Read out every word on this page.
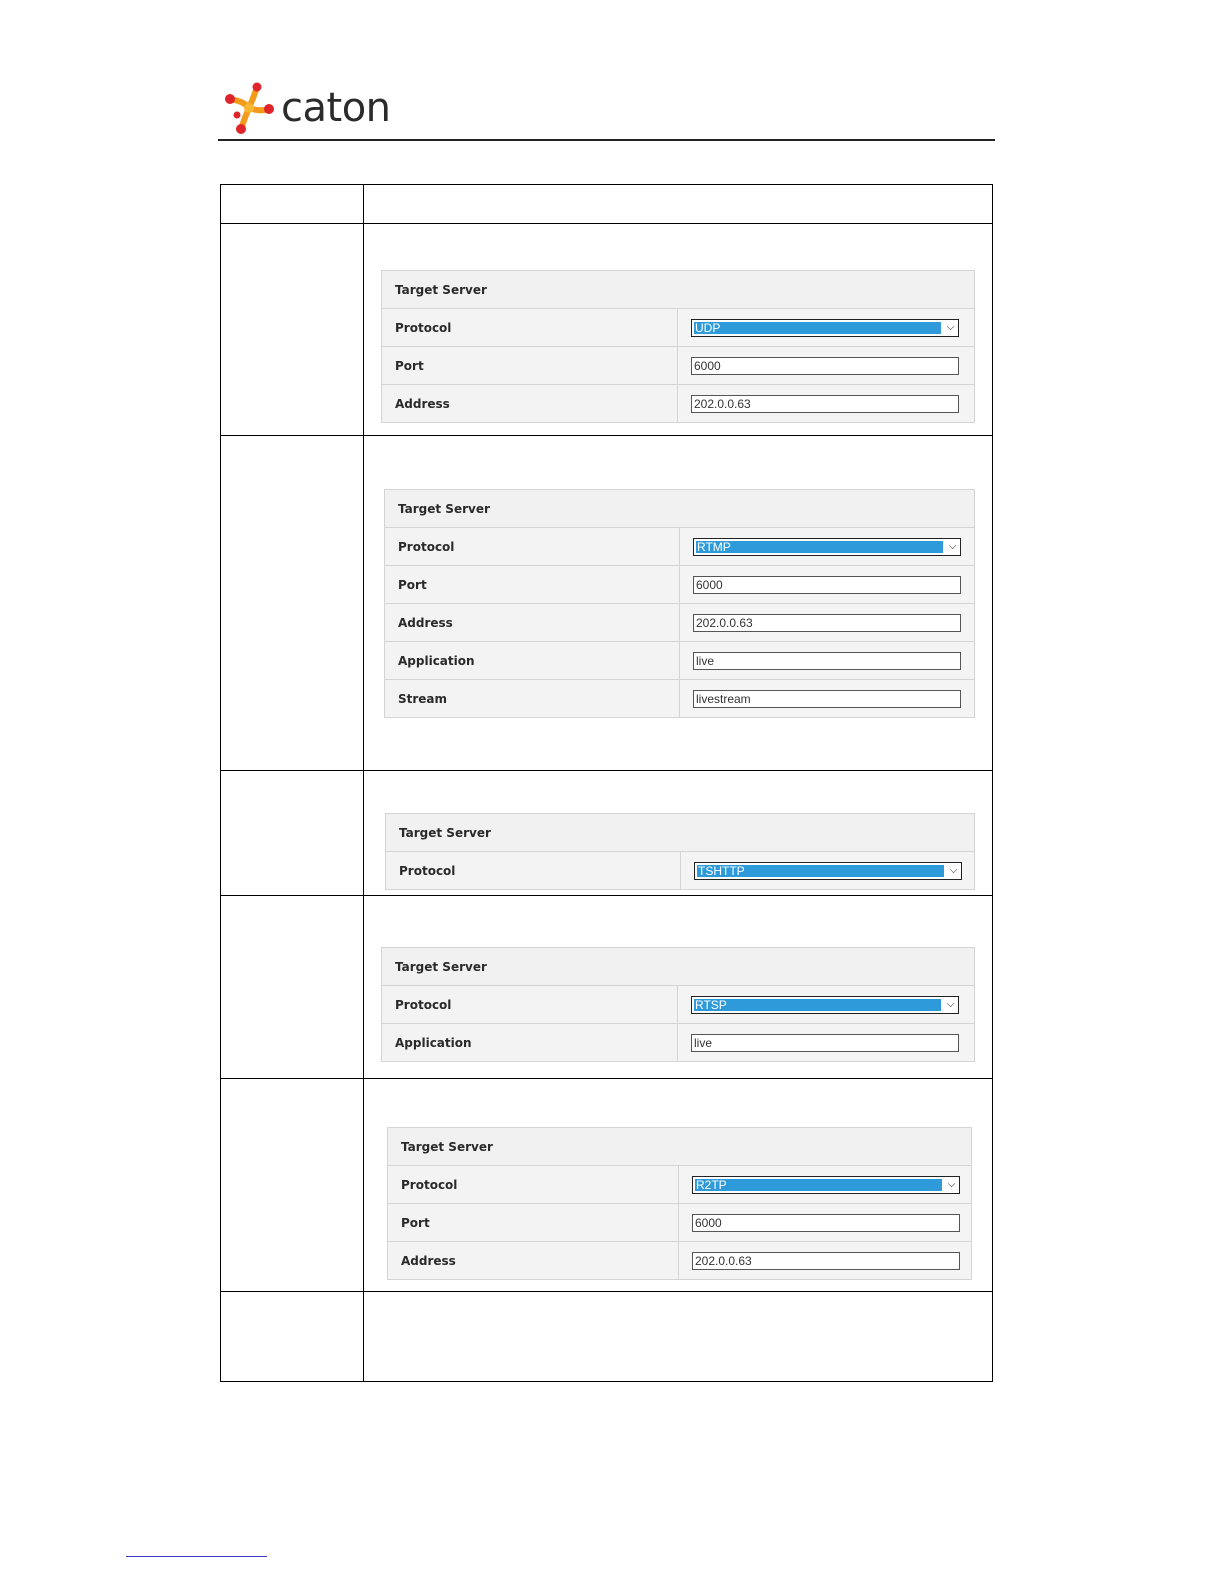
caton

Target Server
Protocol	UDP	⌵

Port	6000

Address	202.0.0.63

Target Server
Protocol	RTMP	⌵

Port	6000

Address	202.0.0.63

Application	live

Stream	livestream

Target Server
Protocol	TSHTTP	⌵

Target Server
Protocol	RTSP	⌵

Application	live

Target Server
Protocol	R2TP	⌵

Port	6000

Address	202.0.0.63
